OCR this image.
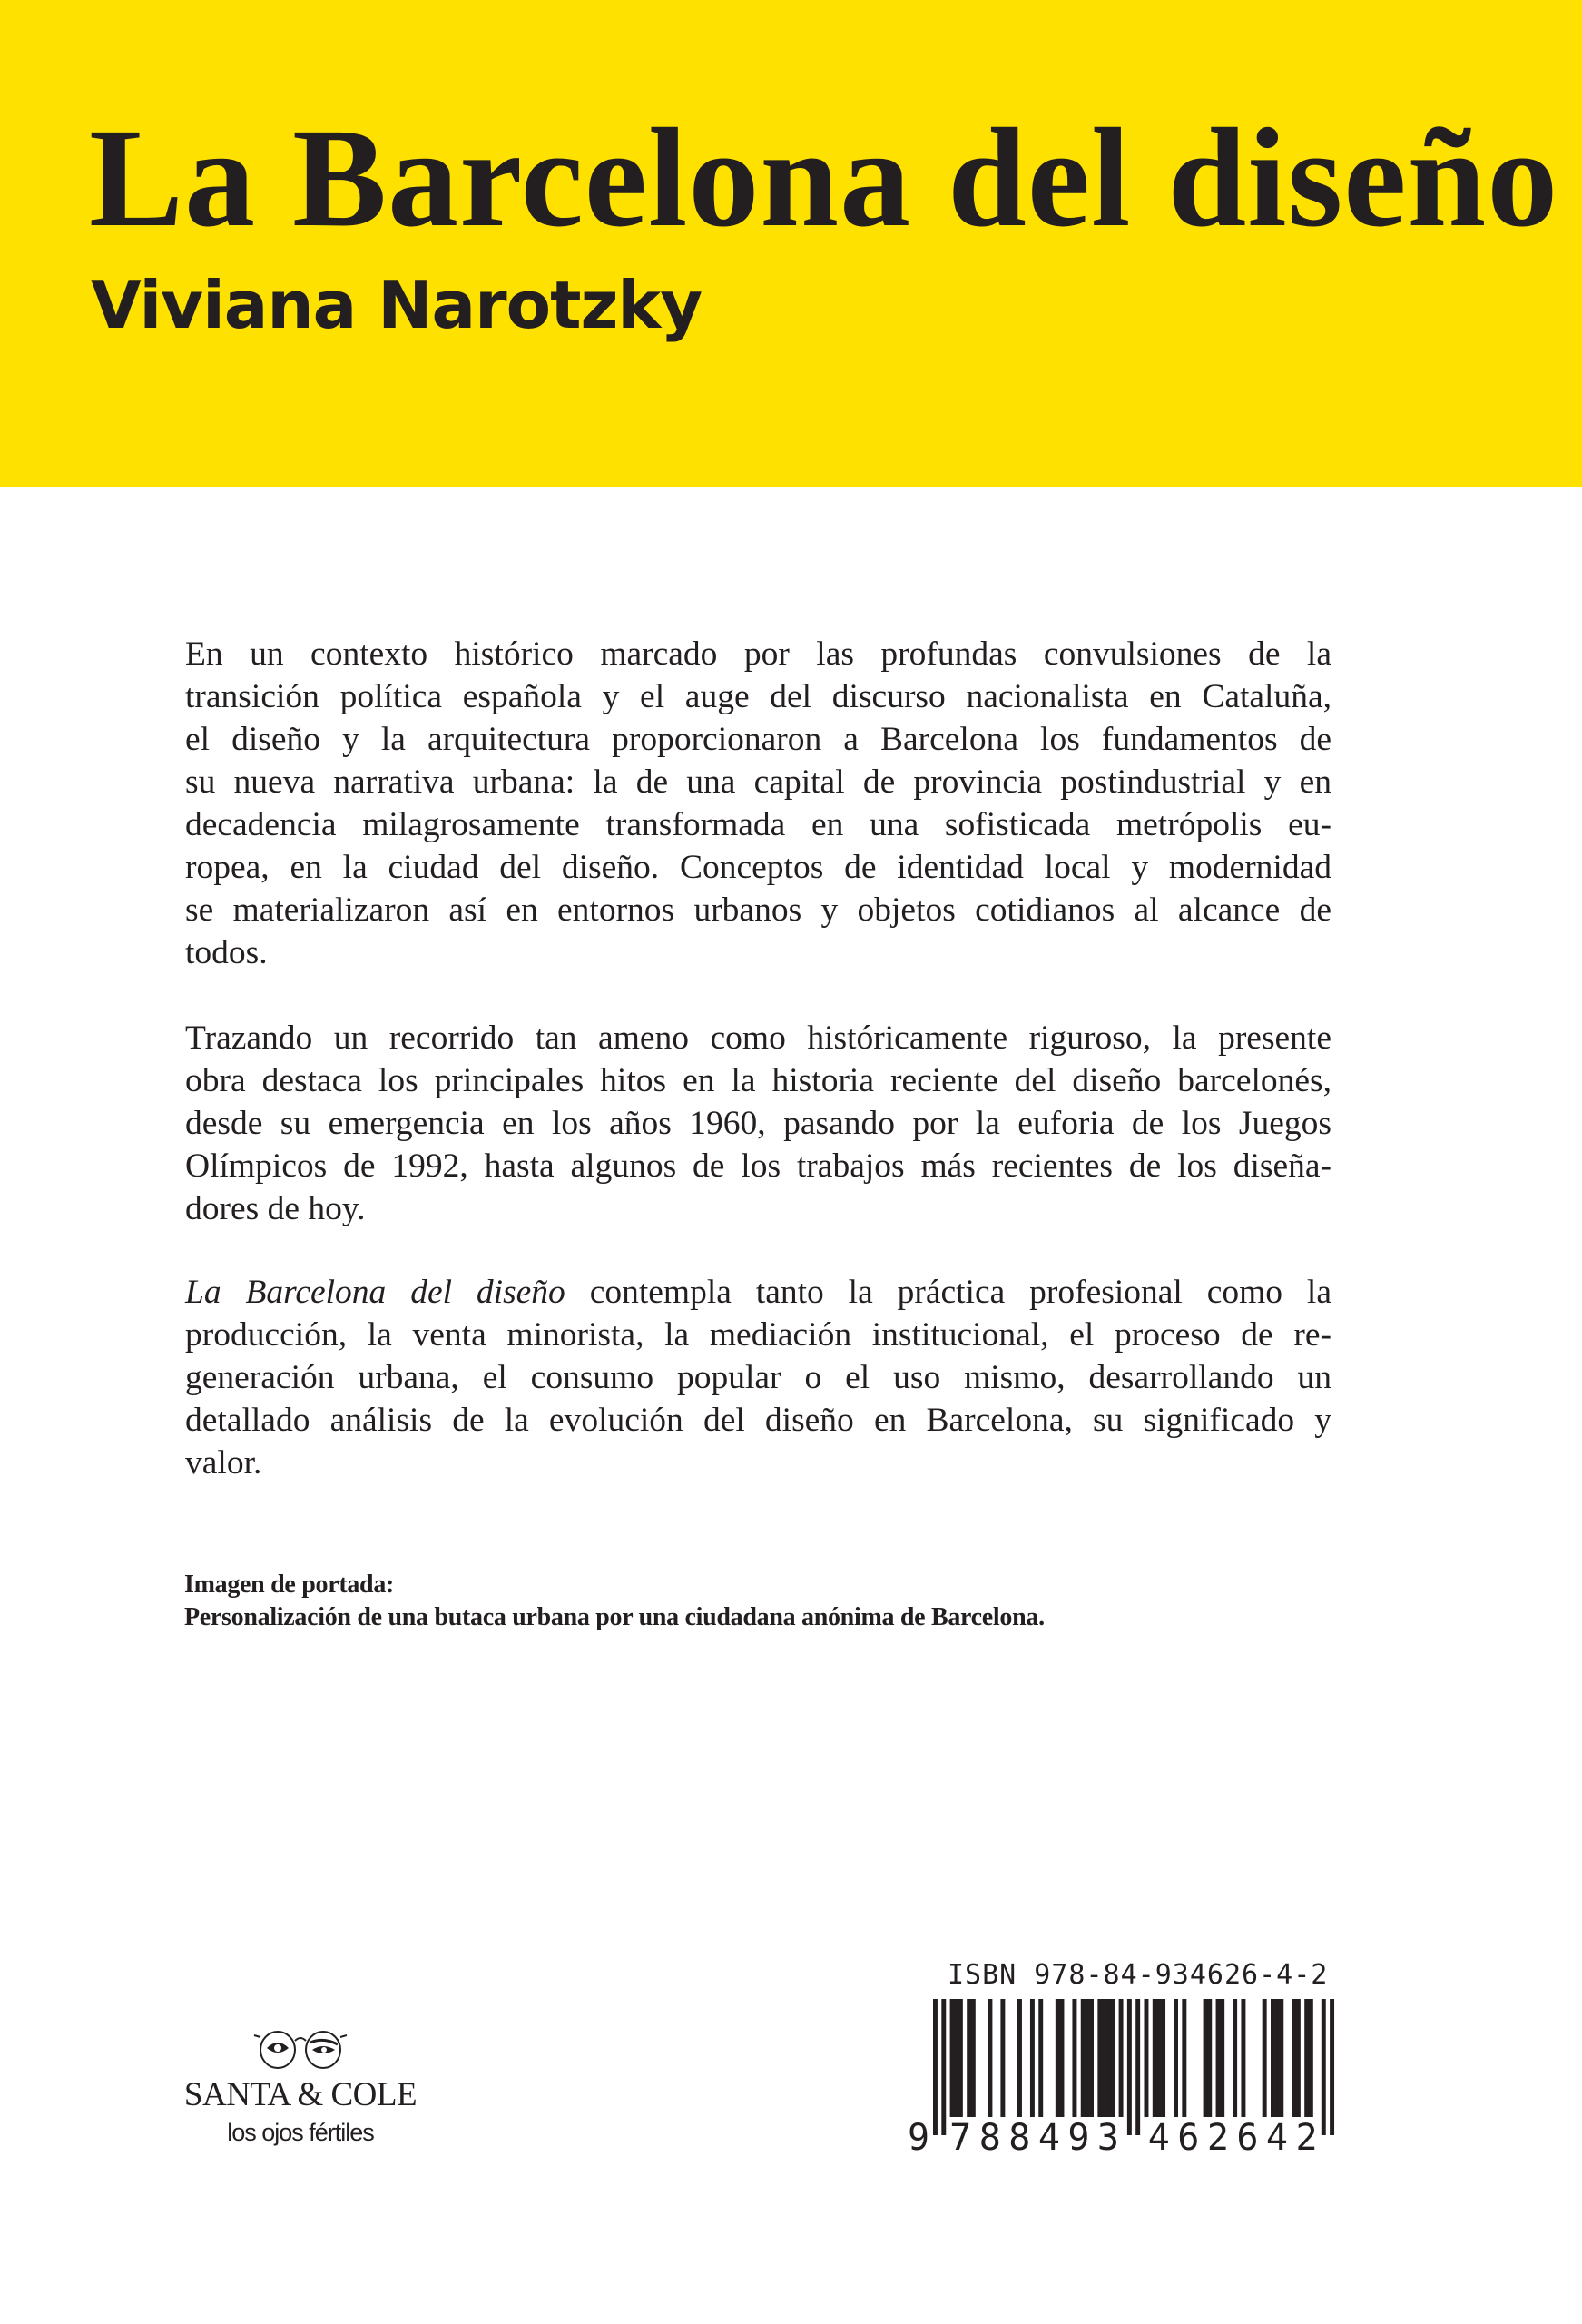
La Barcelona del diseño
Viviana Narotzky
En un contexto histórico marcado por las profundas convulsiones de la
transición política española y el auge del discurso nacionalista en Cataluña,
el diseño y la arquitectura proporcionaron a Barcelona los fundamentos de
su nueva narrativa urbana: la de una capital de provincia postindustrial y en
decadencia milagrosamente transformada en una sofisticada metrópolis eu-
ropea, en la ciudad del diseño. Conceptos de identidad local y modernidad
se materializaron así en entornos urbanos y objetos cotidianos al alcance de
todos.
Trazando un recorrido tan ameno como históricamente riguroso, la presente
obra destaca los principales hitos en la historia reciente del diseño barcelonés,
desde su emergencia en los años 1960, pasando por la euforia de los Juegos
Olímpicos de 1992, hasta algunos de los trabajos más recientes de los diseña-
dores de hoy.
La Barcelona del diseño contempla tanto la práctica profesional como la
producción, la venta minorista, la mediación institucional, el proceso de re-
generación urbana, el consumo popular o el uso mismo, desarrollando un
detallado análisis de la evolución del diseño en Barcelona, su significado y
valor.
Imagen de portada:
Personalización de una butaca urbana por una ciudadana anónima de Barcelona.
SANTA & COLE
los ojos fértiles
ISBN 978-84-934626-4-2
9 7 8 8 4 9 3 4 6 2 6 4 2
